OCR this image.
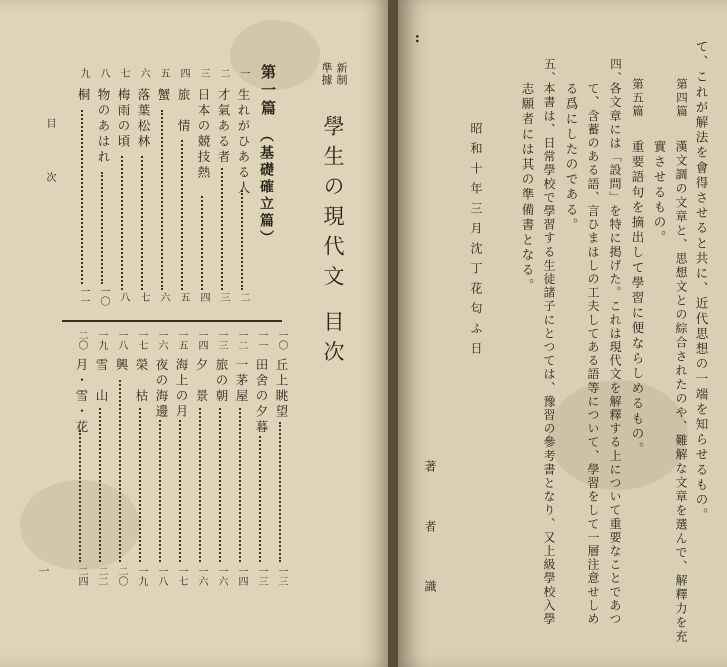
目次
一
新制
準據
學生の現代文 目次
第一篇
（基礎確立篇）
一
生れがひある人
二
二
才氣ある者
三
三
日本の競技熱
四
四
旅　情
五
五
蟹
六
六
落葉松林
七
七
梅雨の頃
八
八
物のあはれ
一〇
九
桐
一一
一〇
丘上眺望
一三
一一
田舍の夕暮
一三
一二
一茅屋
一四
一三
旅の朝
一六
一四
夕　景
一六
一五
海上の月
一七
一六
夜の海邊
一八
一七
榮　枯
一九
一八
興
二〇
一九
雪　山
二二
二〇
月・雪・花
二四
‥
て、これが解法を會得させると共に、近代思想の一端を知らせるもの。
第四篇
漢文調の文章と、思想文との綜合されたのや、難解な文章を選んで、解釋力を充
實させるもの。
第五篇
重要語句を摘出して學習に便ならしめるもの。
四、
各文章には「設問」を特に掲げた。これは現代文を解釋する上について重要なことであつ
て、含蓄のある語、言ひまはしの工夫してある語等について、學習をして一層注意せしめ
る爲にしたのである。
五、
本書は、日常學校で學習する生徒諸子にとつては、豫習の參考書となり、又上級學校入學
志願者には其の準備書となる。
昭和十年三月沈丁花匂ふ日
著
者
識
